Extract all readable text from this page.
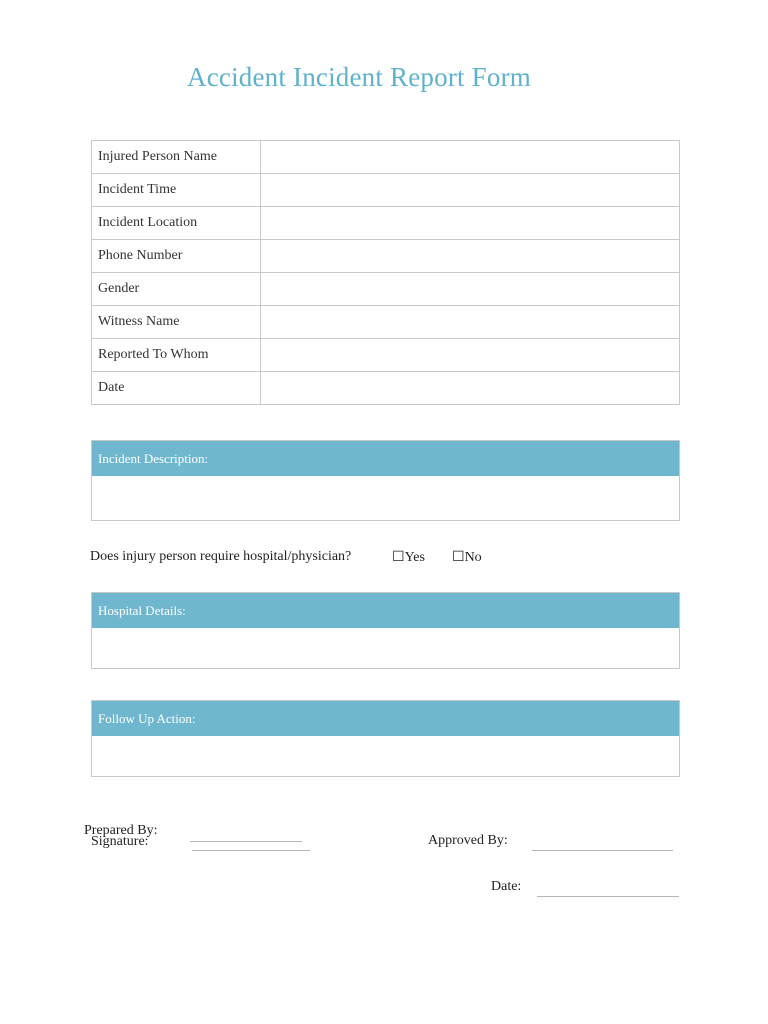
Accident Incident Report Form
Injured Person Name	
Incident Time	
Incident Location	
Phone Number	
Gender	
Witness Name	
Reported To Whom	
Date	
Incident Description:
Does injury person require hospital/physician?	☐Yes ☐No
Hospital Details:
Follow Up Action:
Prepared By:
Signature:	Approved By:
Date:
